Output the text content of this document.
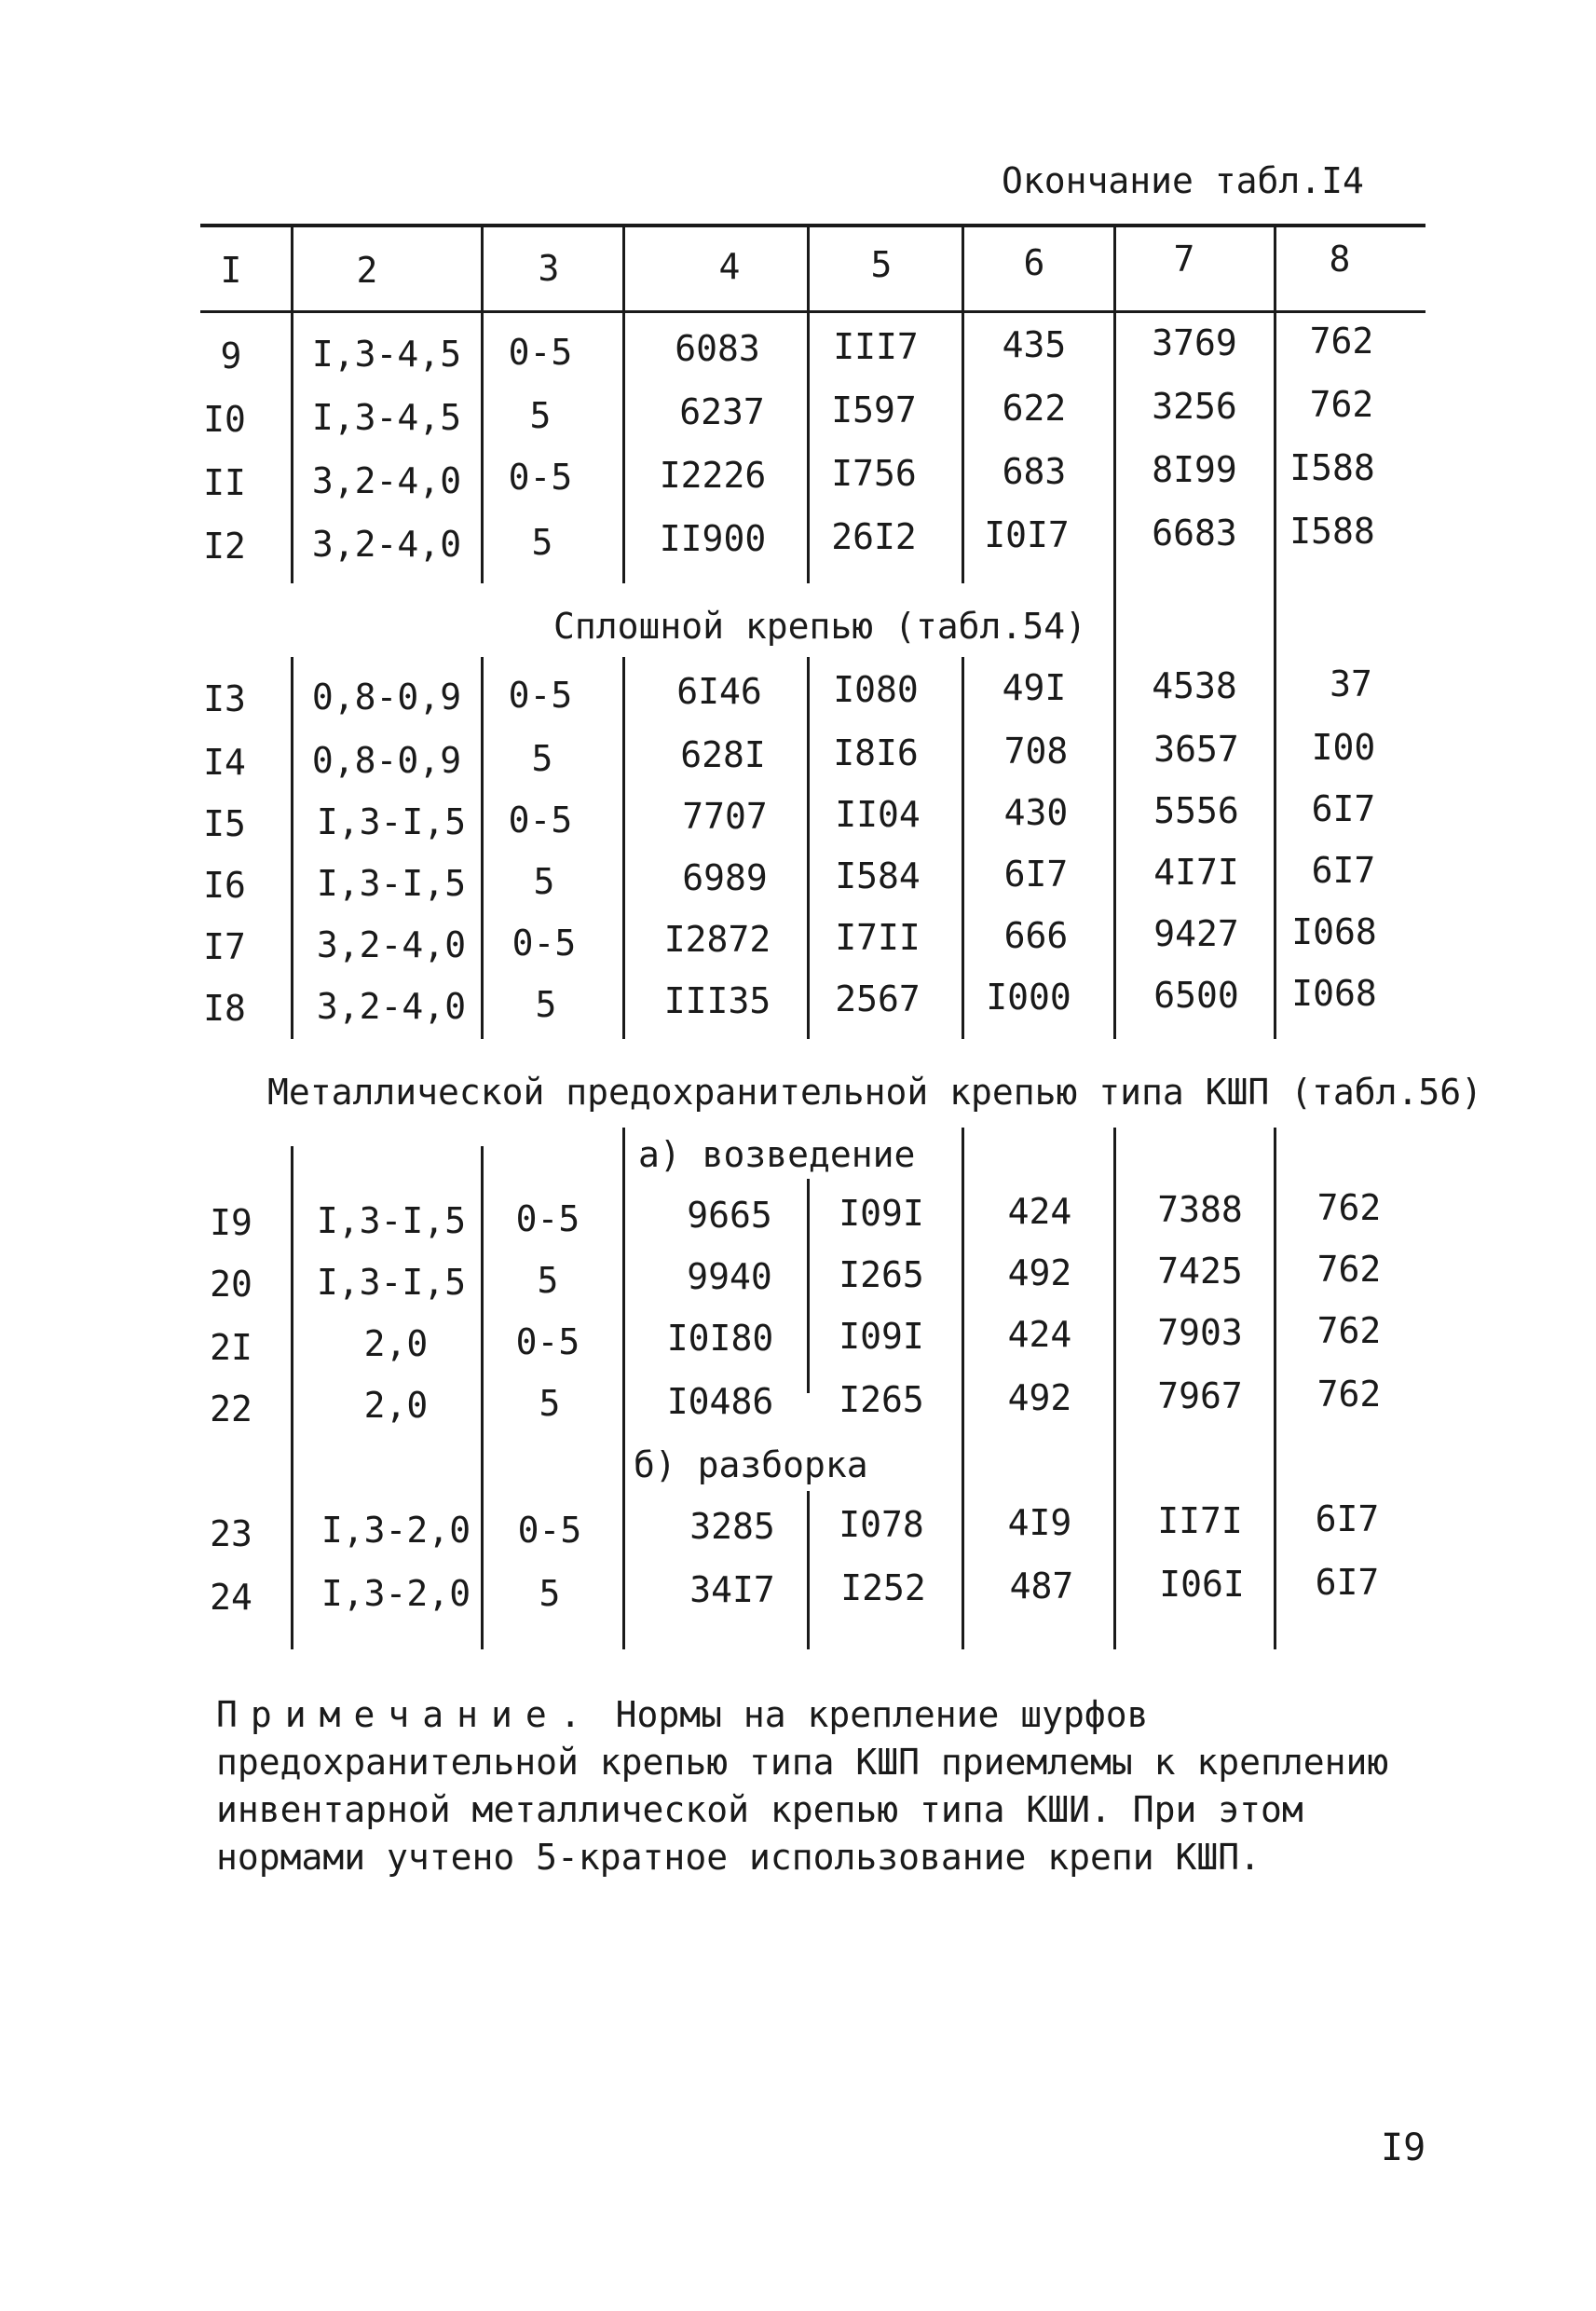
Окончание табл.I4
I	2	3	4	5	6	7	8
9 I,3-4,5 0-5	6083 III7 435 3769 762
I0 I,3-4,5 5	6237 I597 622 3256 762
II 3,2-4,0 0-5 I2226 I756 683 8I99 I588
I2 3,2-4,0 5	II900 26I2 I0I7 6683 I588
Сплошной крепью (табл.54)
I3 0,8-0,9 0-5	6I46 I080 49I 4538	37
I4 0,8-0,9 5	628I I8I6 708 3657 I00
I5 I,3-I,5 0-5	7707 II04 430 5556 6I7
I6 I,3-I,5 5	6989 I584 6I7 4I7I 6I7
I7 3,2-4,0 0-5 I2872 I7II 666 9427 I068
I8 3,2-4,0 5	III35 2567 I000 6500 I068
Металлической предохранительной крепью типа КШП (табл.56)
а) возведение
I9 I,3-I,5 0-5	9665 I09I 424 7388 762
20 I,3-I,5 5	9940 I265 492 7425 762
2I	2,0 0-5 I0I80 I09I 424 7903 762
22	2,0	5	I0486 I265 492 7967 762
б) разборка
23 I,3-2,0 0-5	3285 I078 4I9 II7I 6I7
24 I,3-2,0 5	34I7 I252 487 I06I 6I7
Примечание. Нормы на крепление шурфов предохранительной крепью типа КШП приемлемы к креплению инвентарной металлической крепью типа КШИ. При этом нормами учтено 5-кратное использование крепи КШП.
I9
